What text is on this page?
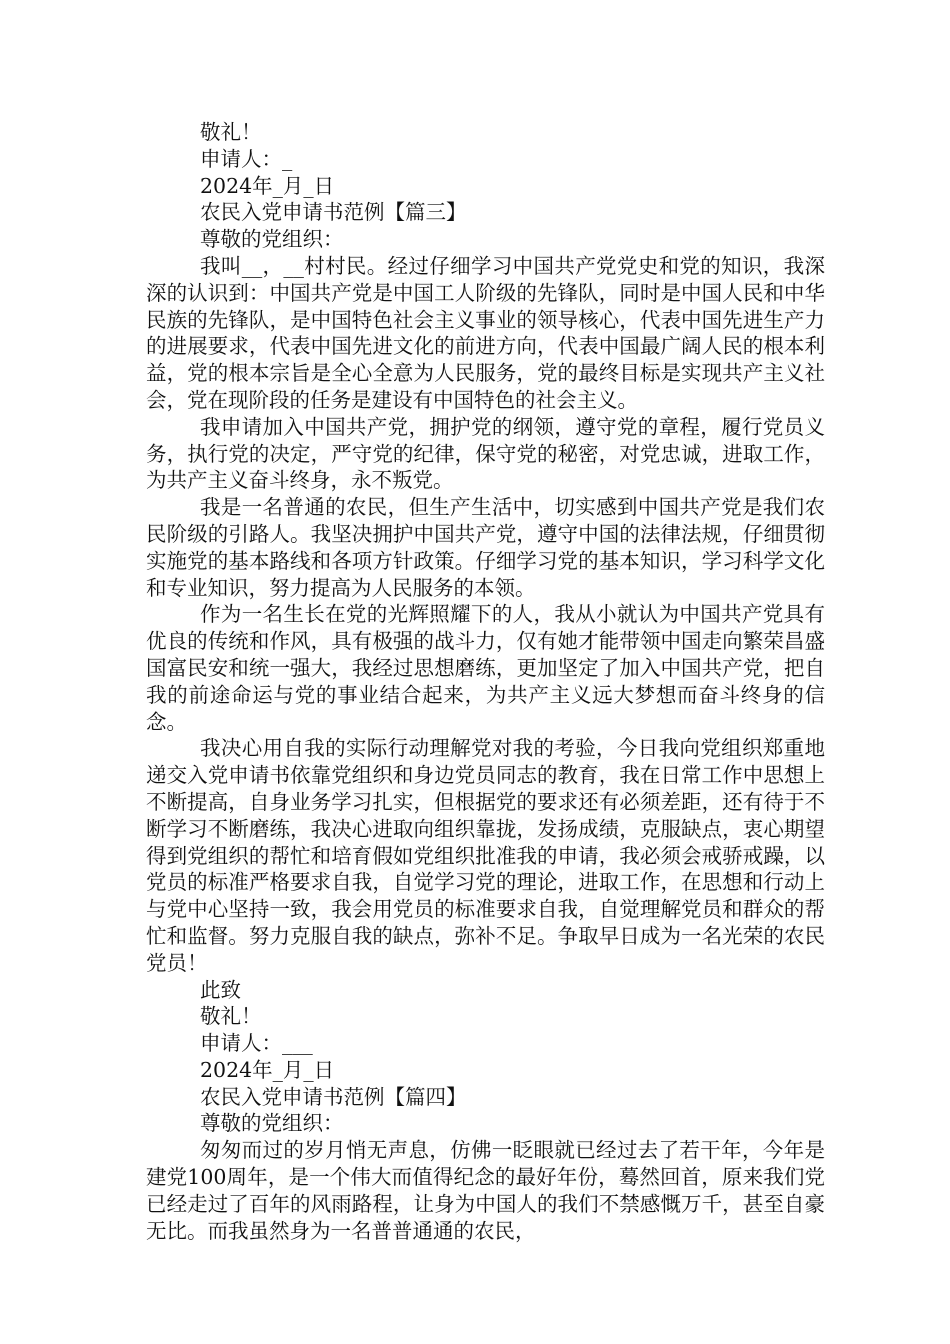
敬礼！

申请人：_

2024年_月_日

农民入党申请书范例【篇三】

尊敬的党组织：

我叫__，__村村民。经过仔细学习中国共产党党史和党的知识，我深深的认识到：中国共产党是中国工人阶级的先锋队，同时是中国人民和中华民族的先锋队，是中国特色社会主义事业的领导核心，代表中国先进生产力的进展要求，代表中国先进文化的前进方向，代表中国最广阔人民的根本利益，党的根本宗旨是全心全意为人民服务，党的最终目标是实现共产主义社会，党在现阶段的任务是建设有中国特色的社会主义。

我申请加入中国共产党，拥护党的纲领，遵守党的章程，履行党员义务，执行党的决定，严守党的纪律，保守党的秘密，对党忠诚，进取工作，为共产主义奋斗终身，永不叛党。

我是一名普通的农民，但生产生活中，切实感到中国共产党是我们农民阶级的引路人。我坚决拥护中国共产党，遵守中国的法律法规，仔细贯彻实施党的基本路线和各项方针政策。仔细学习党的基本知识，学习科学文化和专业知识，努力提高为人民服务的本领。

作为一名生长在党的光辉照耀下的人，我从小就认为中国共产党具有优良的传统和作风，具有极强的战斗力，仅有她才能带领中国走向繁荣昌盛国富民安和统一强大，我经过思想磨练，更加坚定了加入中国共产党，把自我的前途命运与党的事业结合起来，为共产主义远大梦想而奋斗终身的信念。

我决心用自我的实际行动理解党对我的考验，今日我向党组织郑重地递交入党申请书依靠党组织和身边党员同志的教育，我在日常工作中思想上不断提高，自身业务学习扎实，但根据党的要求还有必须差距，还有待于不断学习不断磨练，我决心进取向组织靠拢，发扬成绩，克服缺点，衷心期望得到党组织的帮忙和培育假如党组织批准我的申请，我必须会戒骄戒躁，以党员的标准严格要求自我，自觉学习党的理论，进取工作，在思想和行动上与党中心坚持一致，我会用党员的标准要求自我，自觉理解党员和群众的帮忙和监督。努力克服自我的缺点，弥补不足。争取早日成为一名光荣的农民党员！

此致

敬礼！

申请人：___

2024年_月_日

农民入党申请书范例【篇四】

尊敬的党组织：

匆匆而过的岁月悄无声息，仿佛一眨眼就已经过去了若干年，今年是建党100周年，是一个伟大而值得纪念的最好年份，蓦然回首，原来我们党已经走过了百年的风雨路程，让身为中国人的我们不禁感慨万千，甚至自豪无比。而我虽然身为一名普普通通的农民，
